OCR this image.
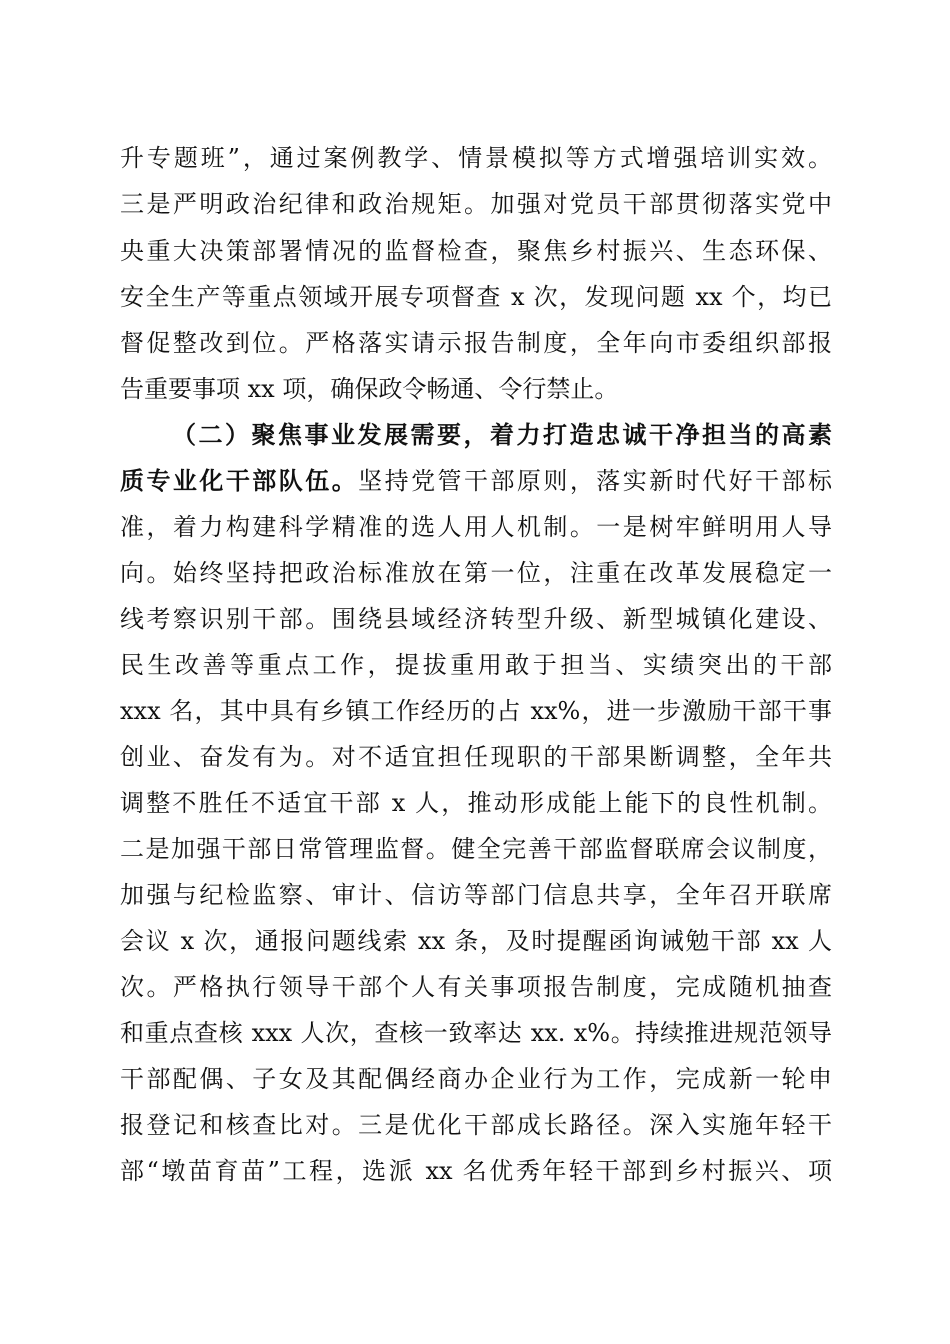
升专题班”，通过案例教学、情景模拟等方式增强培训实效。
三是严明政治纪律和政治规矩。加强对党员干部贯彻落实党中
央重大决策部署情况的监督检查，聚焦乡村振兴、生态环保、
安全生产等重点领域开展专项督查 x 次，发现问题 xx 个，均已
督促整改到位。严格落实请示报告制度，全年向市委组织部报
告重要事项 xx 项，确保政令畅通、令行禁止。
（二）聚焦事业发展需要，着力打造忠诚干净担当的高素
质专业化干部队伍。坚持党管干部原则，落实新时代好干部标
准，着力构建科学精准的选人用人机制。一是树牢鲜明用人导
向。始终坚持把政治标准放在第一位，注重在改革发展稳定一
线考察识别干部。围绕县域经济转型升级、新型城镇化建设、
民生改善等重点工作，提拔重用敢于担当、实绩突出的干部
xxx 名，其中具有乡镇工作经历的占 xx%，进一步激励干部干事
创业、奋发有为。对不适宜担任现职的干部果断调整，全年共
调整不胜任不适宜干部 x 人，推动形成能上能下的良性机制。
二是加强干部日常管理监督。健全完善干部监督联席会议制度，
加强与纪检监察、审计、信访等部门信息共享，全年召开联席
会议 x 次，通报问题线索 xx 条，及时提醒函询诫勉干部 xx 人
次。严格执行领导干部个人有关事项报告制度，完成随机抽查
和重点查核 xxx 人次，查核一致率达 xx. x%。持续推进规范领导
干部配偶、子女及其配偶经商办企业行为工作，完成新一轮申
报登记和核查比对。三是优化干部成长路径。深入实施年轻干
部“墩苗育苗”工程，选派 xx 名优秀年轻干部到乡村振兴、项
